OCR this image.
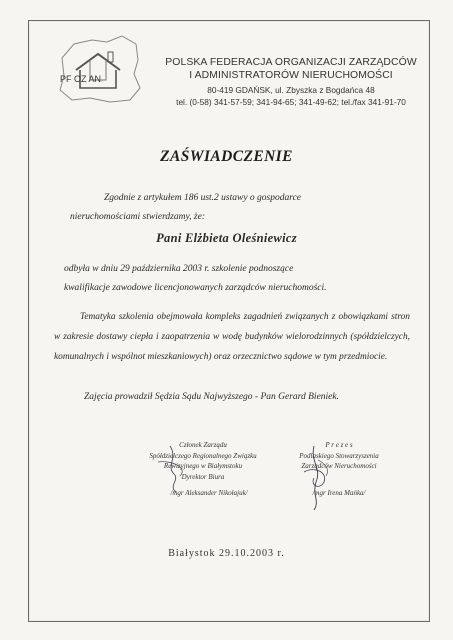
PF OZ AN
POLSKA FEDERACJA ORGANIZACJI ZARZĄDCÓW
I ADMINISTRATORÓW NIERUCHOMOŚCI
80-419 GDAŃSK, ul. Zbyszka z Bogdańca 48
tel. (0-58) 341-57-59; 341-94-65; 341-49-62; tel./fax 341-91-70
ZAŚWIADCZENIE
Zgodnie z artykułem 186 ust.2 ustawy o gospodarce
nieruchomościami stwierdzamy, że:
Pani Elżbieta Oleśniewicz
odbyła w dniu 29 października 2003 r. szkolenie podnoszące
kwalifikacje zawodowe licencjonowanych zarządców nieruchomości.
Tematyka szkolenia obejmowała kompleks zagadnień związanych z obowiązkami stron w zakresie dostawy ciepła i zaopatrzenia w wodę budynków wielorodzinnych (spółdzielczych, komunalnych i wspólnot mieszkaniowych) oraz orzecznictwo sądowe w tym przedmiocie.
Zajęcia prowadził Sędzia Sądu Najwyższego - Pan Gerard Bieniek.
Członek Zarządu
Spółdzielczego Regionalnego Związku
Rewizyjnego w Białymstoku
Dyrektor Biura
/mgr Aleksander Nikołajuk/
P r e z e s
Podlaskiego Stowarzyszenia
Zarządców Nieruchomości
/mgr Irena Mańka/
Białystok 29.10.2003 r.
